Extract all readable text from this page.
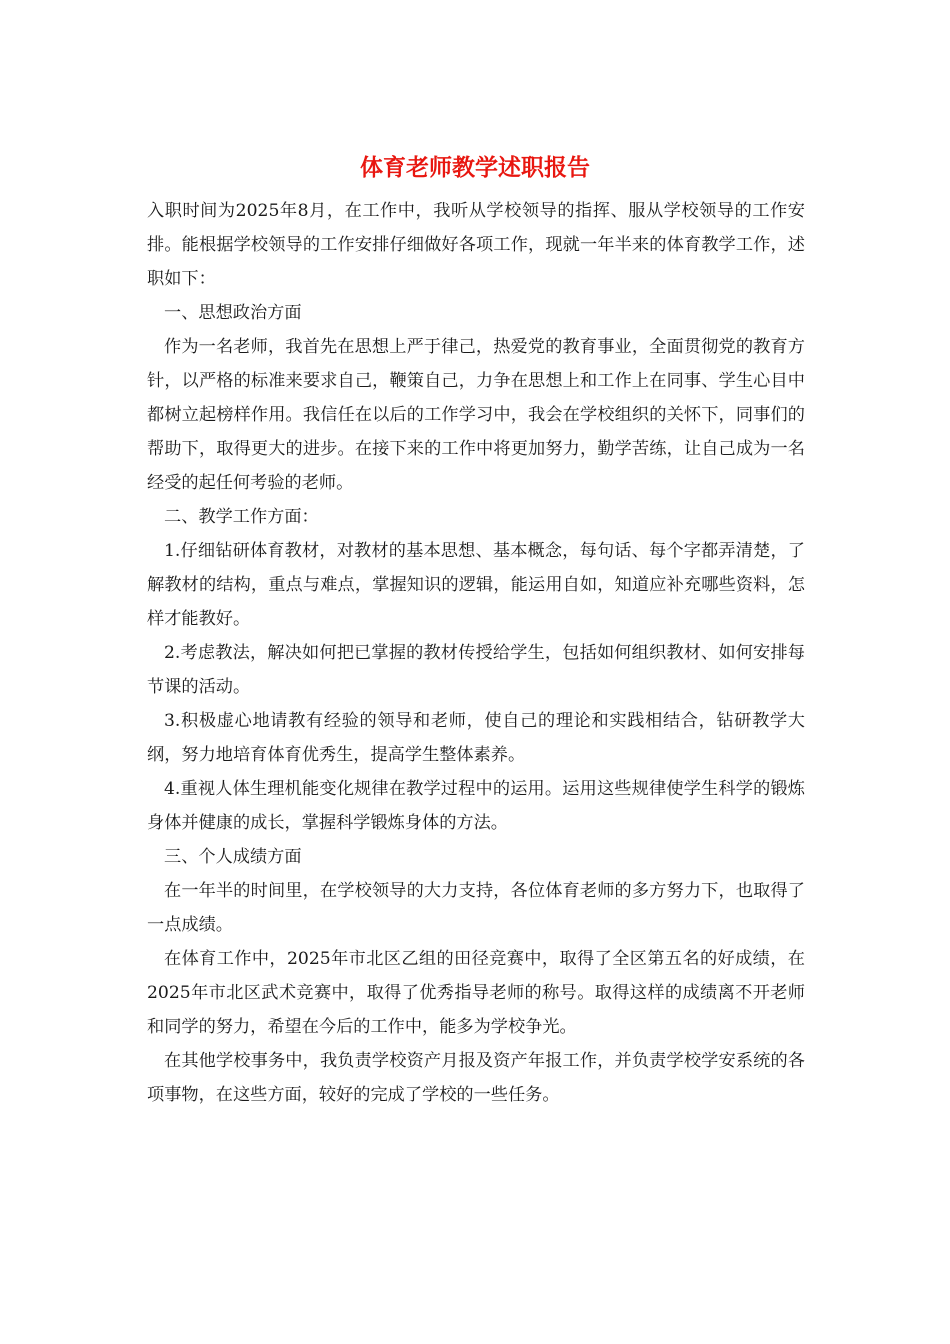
体育老师教学述职报告

入职时间为2025年8月，在工作中，我听从学校领导的指挥、服从学校领导的工作安排。能根据学校领导的工作安排仔细做好各项工作，现就一年半来的体育教学工作，述职如下：

一、思想政治方面

作为一名老师，我首先在思想上严于律己，热爱党的教育事业，全面贯彻党的教育方针，以严格的标准来要求自己，鞭策自己，力争在思想上和工作上在同事、学生心目中都树立起榜样作用。我信任在以后的工作学习中，我会在学校组织的关怀下，同事们的帮助下，取得更大的进步。在接下来的工作中将更加努力，勤学苦练，让自己成为一名经受的起任何考验的老师。

二、教学工作方面：

1.仔细钻研体育教材，对教材的基本思想、基本概念，每句话、每个字都弄清楚，了解教材的结构，重点与难点，掌握知识的逻辑，能运用自如，知道应补充哪些资料，怎样才能教好。

2.考虑教法，解决如何把已掌握的教材传授给学生，包括如何组织教材、如何安排每节课的活动。

3.积极虚心地请教有经验的领导和老师，使自己的理论和实践相结合，钻研教学大纲，努力地培育体育优秀生，提高学生整体素养。

4.重视人体生理机能变化规律在教学过程中的运用。运用这些规律使学生科学的锻炼身体并健康的成长，掌握科学锻炼身体的方法。

三、个人成绩方面

在一年半的时间里，在学校领导的大力支持，各位体育老师的多方努力下，也取得了一点成绩。

在体育工作中，2025年市北区乙组的田径竞赛中，取得了全区第五名的好成绩，在2025年市北区武术竞赛中，取得了优秀指导老师的称号。取得这样的成绩离不开老师和同学的努力，希望在今后的工作中，能多为学校争光。

在其他学校事务中，我负责学校资产月报及资产年报工作，并负责学校学安系统的各项事物，在这些方面，较好的完成了学校的一些任务。
